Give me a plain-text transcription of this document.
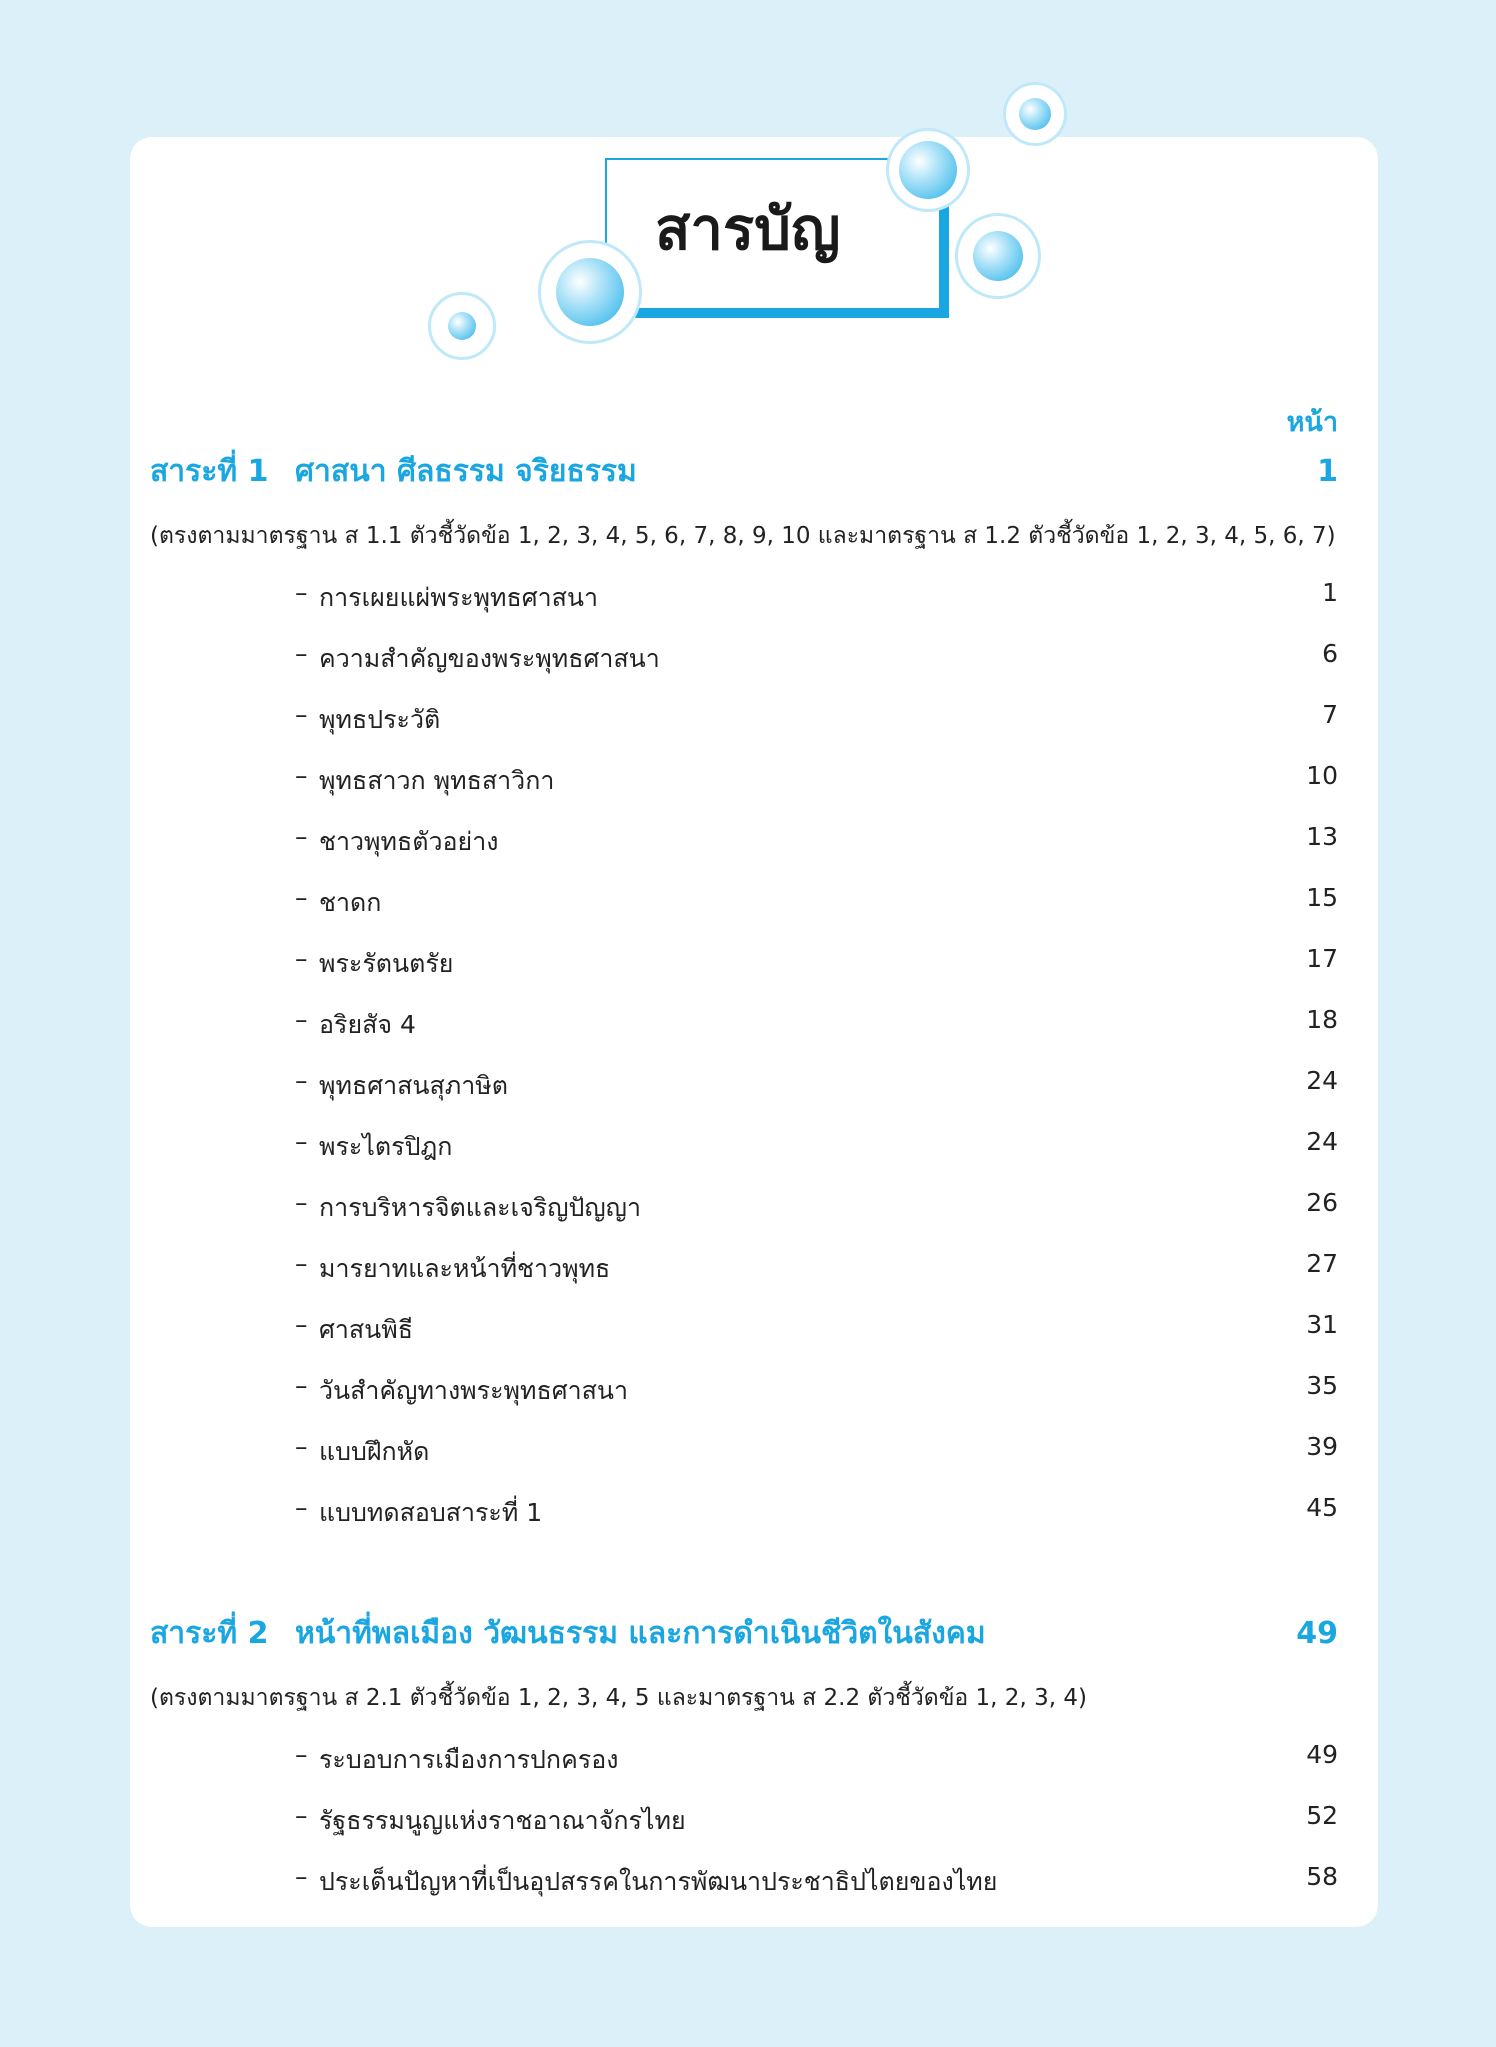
สารบัญ
หน้า
สาระที่ 1 ศาสนา ศีลธรรม จริยธรรม	1
(ตรงตามมาตรฐาน ส 1.1 ตัวชี้วัดข้อ 1, 2, 3, 4, 5, 6, 7, 8, 9, 10 และมาตรฐาน ส 1.2 ตัวชี้วัดข้อ 1, 2, 3, 4, 5, 6, 7)
– การเผยแผ่พระพุทธศาสนา	1
– ความสำคัญของพระพุทธศาสนา	6
– พุทธประวัติ	7
– พุทธสาวก พุทธสาวิกา	10
– ชาวพุทธตัวอย่าง	13
– ชาดก	15
– พระรัตนตรัย	17
– อริยสัจ 4	18
– พุทธศาสนสุภาษิต	24
– พระไตรปิฎก	24
– การบริหารจิตและเจริญปัญญา	26
– มารยาทและหน้าที่ชาวพุทธ	27
– ศาสนพิธี	31
– วันสำคัญทางพระพุทธศาสนา	35
– แบบฝึกหัด	39
– แบบทดสอบสาระที่ 1	45
สาระที่ 2 หน้าที่พลเมือง วัฒนธรรม และการดำเนินชีวิตในสังคม	49
(ตรงตามมาตรฐาน ส 2.1 ตัวชี้วัดข้อ 1, 2, 3, 4, 5 และมาตรฐาน ส 2.2 ตัวชี้วัดข้อ 1, 2, 3, 4)
– ระบอบการเมืองการปกครอง	49
– รัฐธรรมนูญแห่งราชอาณาจักรไทย	52
– ประเด็นปัญหาที่เป็นอุปสรรคในการพัฒนาประชาธิปไตยของไทย	58
